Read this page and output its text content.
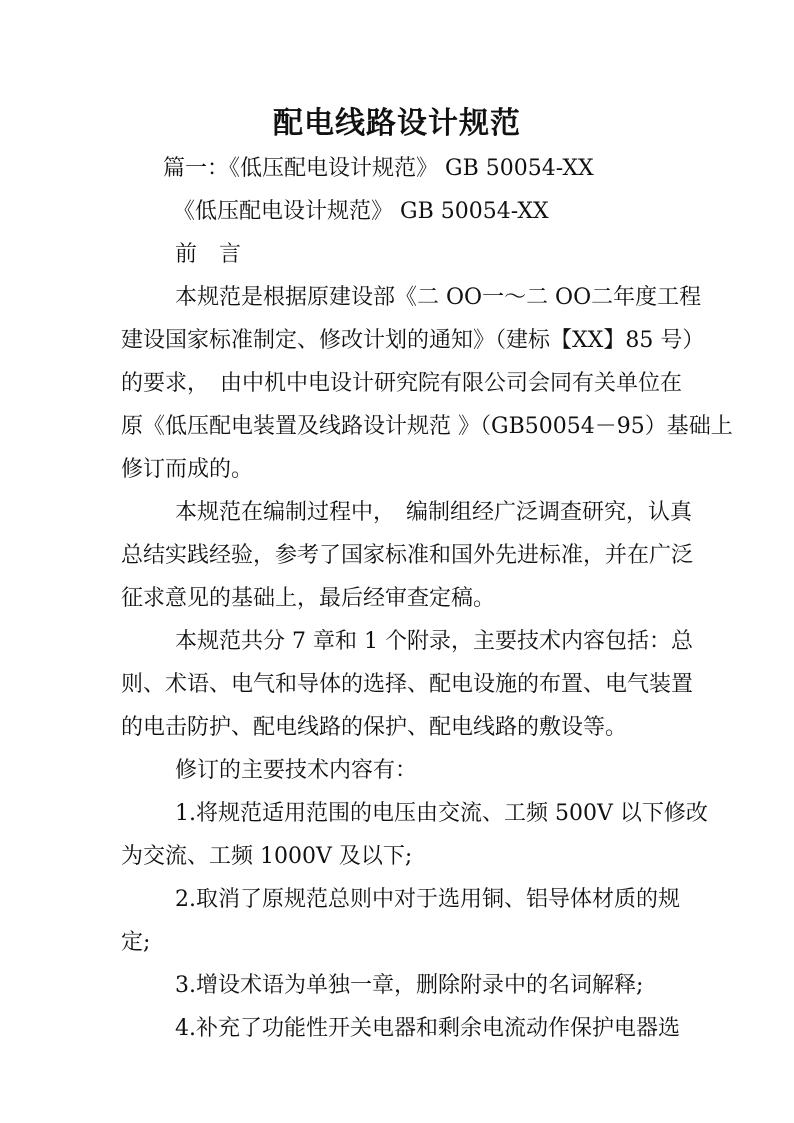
配电线路设计规范
篇一：《低压配电设计规范》 GB 50054-XX
《低压配电设计规范》 GB 50054-XX
前　言
本规范是根据原建设部《二 OO一～二 OO二年度工程
建设国家标准制定、修改计划的通知》（建标【XX】85 号）
的要求，　由中机中电设计研究院有限公司会同有关单位在
原《低压配电装置及线路设计规范 》（GB50054－95）基础上
修订而成的。
本规范在编制过程中，　编制组经广泛调查研究，认真
总结实践经验，参考了国家标准和国外先进标准，并在广泛
征求意见的基础上，最后经审查定稿。
本规范共分 7 章和 1 个附录，主要技术内容包括：总
则、术语、电气和导体的选择、配电设施的布置、电气装置
的电击防护、配电线路的保护、配电线路的敷设等。
修订的主要技术内容有：
1.将规范适用范围的电压由交流、工频 500V 以下修改
为交流、工频 1000V 及以下;
2.取消了原规范总则中对于选用铜、铝导体材质的规
定;
3.增设术语为单独一章，删除附录中的名词解释;
4.补充了功能性开关电器和剩余电流动作保护电器选
